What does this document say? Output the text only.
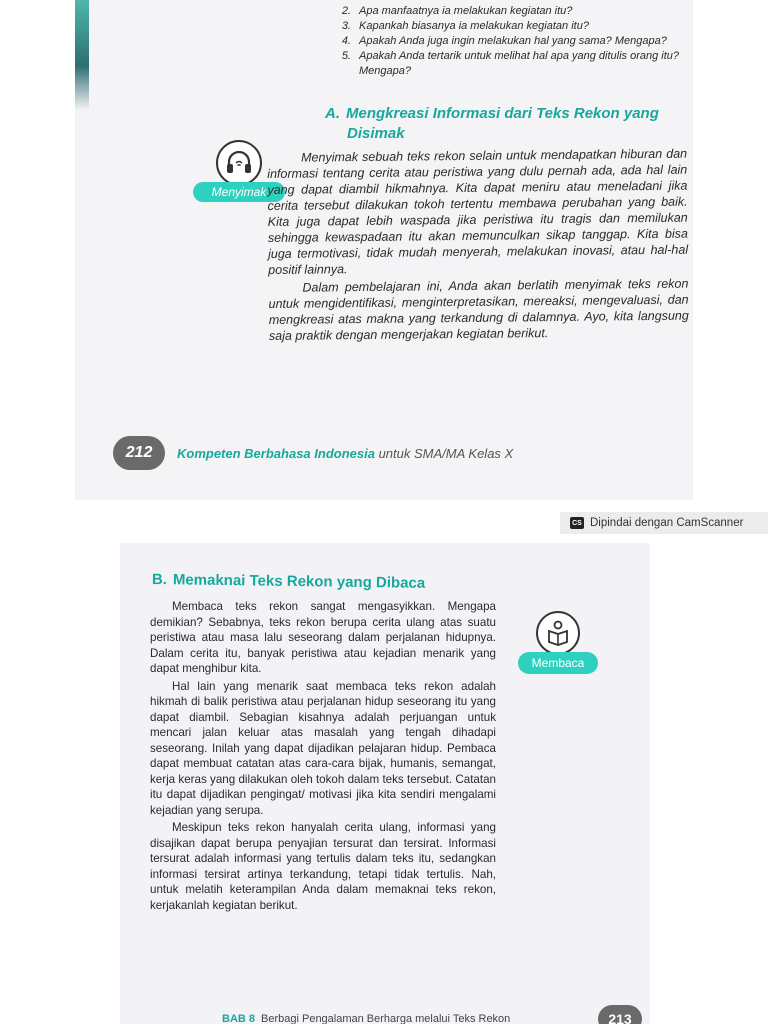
2. Apa manfaatnya ia melakukan kegiatan itu?
3. Kapankah biasanya ia melakukan kegiatan itu?
4. Apakah Anda juga ingin melakukan hal yang sama? Mengapa?
5. Apakah Anda tertarik untuk melihat hal apa yang ditulis orang itu? Mengapa?
A. Mengkreasi Informasi dari Teks Rekon yang
Disimak
Menyimak

Menyimak sebuah teks rekon selain untuk mendapatkan hiburan dan informasi tentang cerita atau peristiwa yang dulu pernah ada, ada hal lain yang dapat diambil hikmahnya. Kita dapat meniru atau meneladani jika cerita tersebut dilakukan tokoh tertentu membawa perubahan yang baik. Kita juga dapat lebih waspada jika peristiwa itu tragis dan memilukan sehingga kewaspadaan itu akan memunculkan sikap tanggap. Kita bisa juga termotivasi, tidak mudah menyerah, melakukan inovasi, atau hal-hal positif lainnya.

Dalam pembelajaran ini, Anda akan berlatih menyimak teks rekon untuk mengidentifikasi, menginterpretasikan, mereaksi, mengevaluasi, dan mengkreasi atas makna yang terkandung di dalamnya. Ayo, kita langsung saja praktik dengan mengerjakan kegiatan berikut.

212	Kompeten Berbahasa Indonesia untuk SMA/MA Kelas X
CS Dipindai dengan CamScanner
B. Memaknai Teks Rekon yang Dibaca

Membaca teks rekon sangat mengasyikkan. Mengapa demikian? Sebabnya, teks rekon berupa cerita ulang atas suatu peristiwa atau masa lalu seseorang dalam perjalanan hidupnya. Dalam cerita itu, banyak peristiwa atau kejadian menarik yang dapat menghibur kita.

Hal lain yang menarik saat membaca teks rekon adalah hikmah di balik peristiwa atau perjalanan hidup seseorang itu yang dapat diambil. Sebagian kisahnya adalah perjuangan untuk mencari jalan keluar atas masalah yang tengah dihadapi seseorang. Inilah yang dapat dijadikan pelajaran hidup. Pembaca dapat membuat catatan atas cara-cara bijak, humanis, semangat, kerja keras yang dilakukan oleh tokoh dalam teks tersebut. Catatan itu dapat dijadikan pengingat/ motivasi jika kita sendiri mengalami kejadian yang serupa.

Meskipun teks rekon hanyalah cerita ulang, informasi yang disajikan dapat berupa penyajian tersurat dan tersirat. Informasi tersurat adalah informasi yang tertulis dalam teks itu, sedangkan informasi tersirat artinya terkandung, tetapi tidak tertulis. Nah, untuk melatih keterampilan Anda dalam memaknai teks rekon, kerjakanlah kegiatan berikut.

Membaca
BAB 8 Berbagi Pengalaman Berharga melalui Teks Rekon	213
